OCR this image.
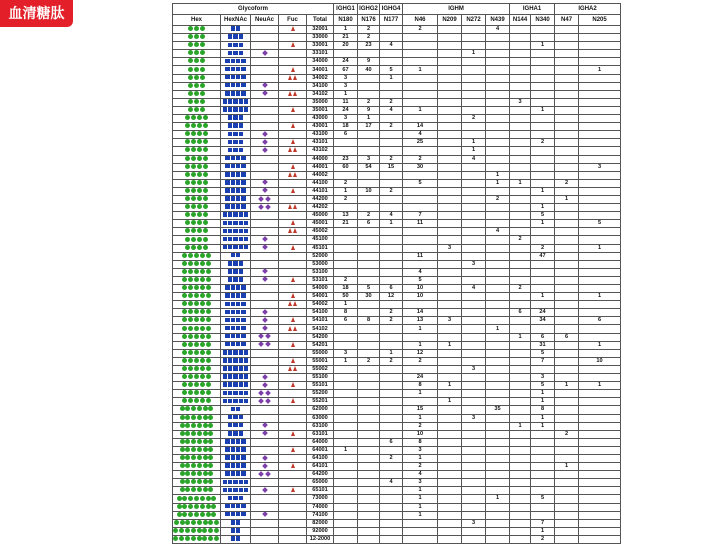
血清糖肽	Glycoform					IGHG1	IGHG2	IGHG4	IGHM				IGHA1		IGHA2	
Hex	HexNAc	NeuAc	Fuc	Total	N180	N176	N177	N46	N209	N272	N439	N144	N340	N47	N205
				32001	1	2		2			4				
				33000	21	2									
				33001	20	23	4						1		
				33101						1					
				34000	24	9									
				34001	67	40	5	1							1
				34002	3		1								
				34100	3										
				34102	1										
				35000	11	2	2					3			
				35001	24	9	4	1					1		
				43000	3	1				2					
				43001	18	17	2	14							
				43100	6			4							
				43101				25		1			2		
				43102						1					
				44000	23	3	2	2		4					
				44001	60	54	15	30							3
				44002							1				
				44100	2			5			1	1		2	
				44101	1	10	2						1		
				44200	2						2			1	
				44202									1		
				45000	13	2	4	7					5		
				45001	21	6	1	11					1		5
				45002							4				
				45100								2			
				45101					3				2		1
				52000				11					47		
				53000						3					
				53100				4							
				53101	2			5							
				54000	18	5	6	10		4		2			
				54001	50	30	12	10					1		1
				54002	1										
				54100	8		2	14				6	24		
				54101	6	8	2	13	3				34		6
				54102				1			1				
				54200								1	6	6	
				54201				1	1				31		1
				55000	3		1	12					5		
				55001	1	2	2	2					7		10
				55002						3					
				55100				24					3		
				55101				8	1				5	1	1
				55200				1					1		
				55201					1				1		
				62000				15			35		8		
				63000				1		3			1		
				63100				2				1	1		
				63101				10						2	
				64000			6	8							
				64001	1			3							
				64100			2	1							
				64101				2						1	
				64200				4							
				65000			4	3							
				65101				1							
				73000				1			1		5		
				74000				1							
				74100				1							
				82000						3			7		
				92000									1		
				12-2000									2		
